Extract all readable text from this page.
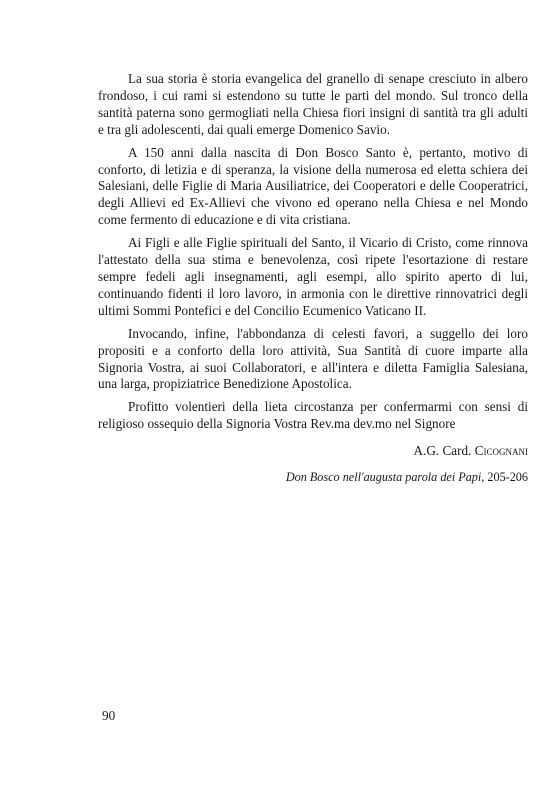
La sua storia è storia evangelica del granello di senape cresciuto in albero frondoso, i cui rami si estendono su tutte le parti del mondo. Sul tronco della santità paterna sono germogliati nella Chiesa fiori insigni di santità tra gli adulti e tra gli adolescenti, dai quali emerge Domenico Savio.

A 150 anni dalla nascita di Don Bosco Santo è, pertanto, motivo di conforto, di letizia e di speranza, la visione della numerosa ed eletta schiera dei Salesiani, delle Figlie di Maria Ausiliatrice, dei Cooperatori e delle Cooperatrici, degli Allievi ed Ex-Allievi che vivono ed operano nella Chiesa e nel Mondo come fermento di educazione e di vita cristiana.

Ai Figli e alle Figlie spirituali del Santo, il Vicario di Cristo, come rinnova l'attestato della sua stima e benevolenza, così ripete l'esortazione di restare sempre fedeli agli insegnamenti, agli esempi, allo spirito aperto di lui, continuando fidenti il loro lavoro, in armonia con le direttive rinnovatrici degli ultimi Sommi Pontefici e del Concilio Ecumenico Vaticano II.

Invocando, infine, l'abbondanza di celesti favori, a suggello dei loro propositi e a conforto della loro attività, Sua Santità di cuore imparte alla Signoria Vostra, ai suoi Collaboratori, e all'intera e diletta Famiglia Salesiana, una larga, propiziatrice Benedizione Apostolica.

Profitto volentieri della lieta circostanza per confermarmi con sensi di religioso ossequio della Signoria Vostra Rev.ma dev.mo nel Signore

A.G. Card. Cicognani
Don Bosco nell'augusta parola dei Papi, 205-206
90
